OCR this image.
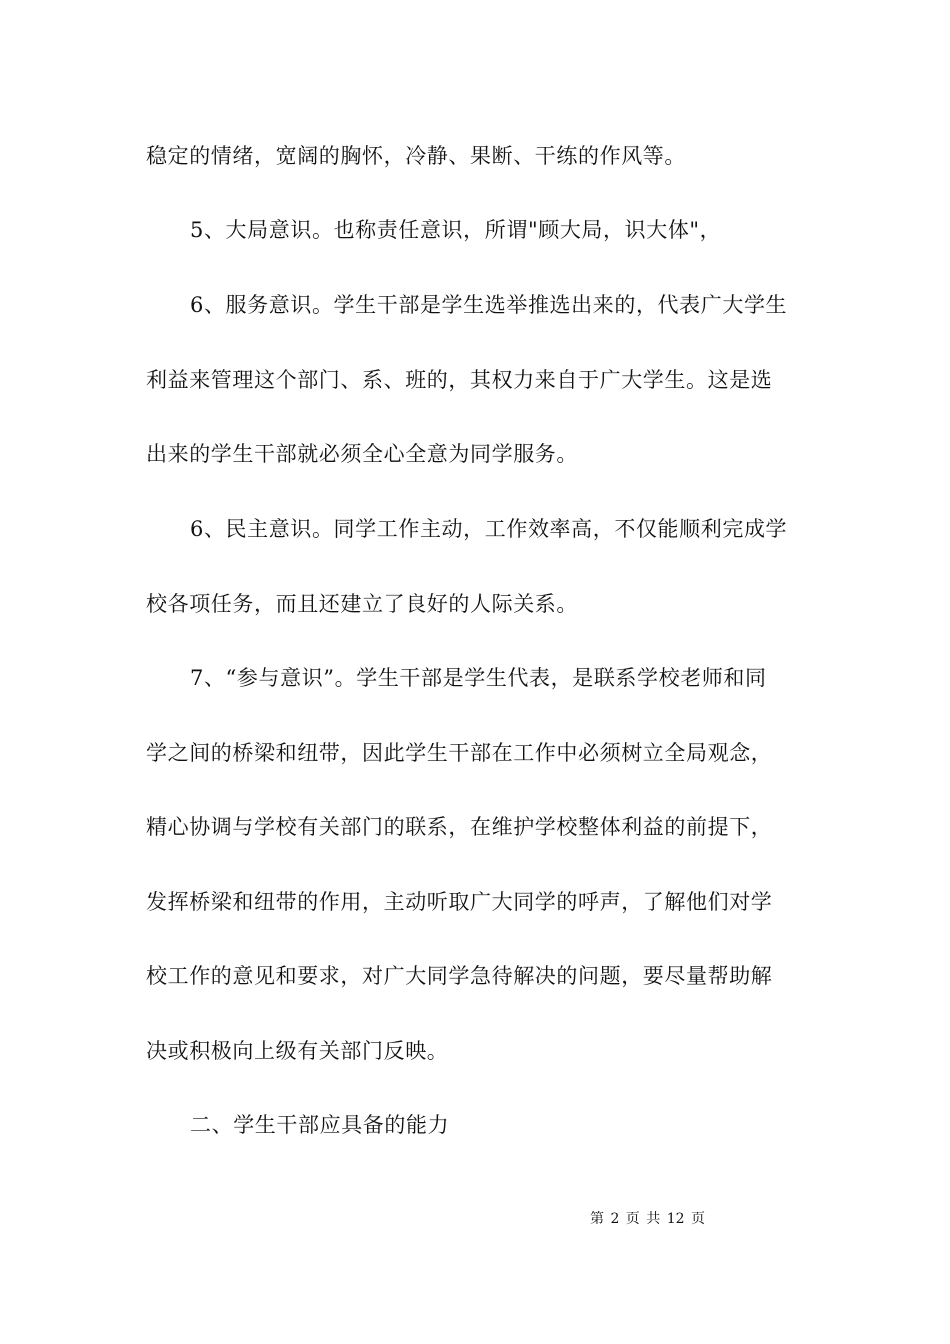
稳定的情绪，宽阔的胸怀，冷静、果断、干练的作风等。
5、大局意识。也称责任意识，所谓"顾大局，识大体"，
6、服务意识。学生干部是学生选举推选出来的，代表广大学生
利益来管理这个部门、系、班的，其权力来自于广大学生。这是选
出来的学生干部就必须全心全意为同学服务。
6、民主意识。同学工作主动，工作效率高，不仅能顺利完成学
校各项任务，而且还建立了良好的人际关系。
7、“参与意识”。学生干部是学生代表，是联系学校老师和同
学之间的桥梁和纽带，因此学生干部在工作中必须树立全局观念，
精心协调与学校有关部门的联系，在维护学校整体利益的前提下，
发挥桥梁和纽带的作用，主动听取广大同学的呼声，了解他们对学
校工作的意见和要求，对广大同学急待解决的问题，要尽量帮助解
决或积极向上级有关部门反映。
二、学生干部应具备的能力
第 2 页 共 12 页
